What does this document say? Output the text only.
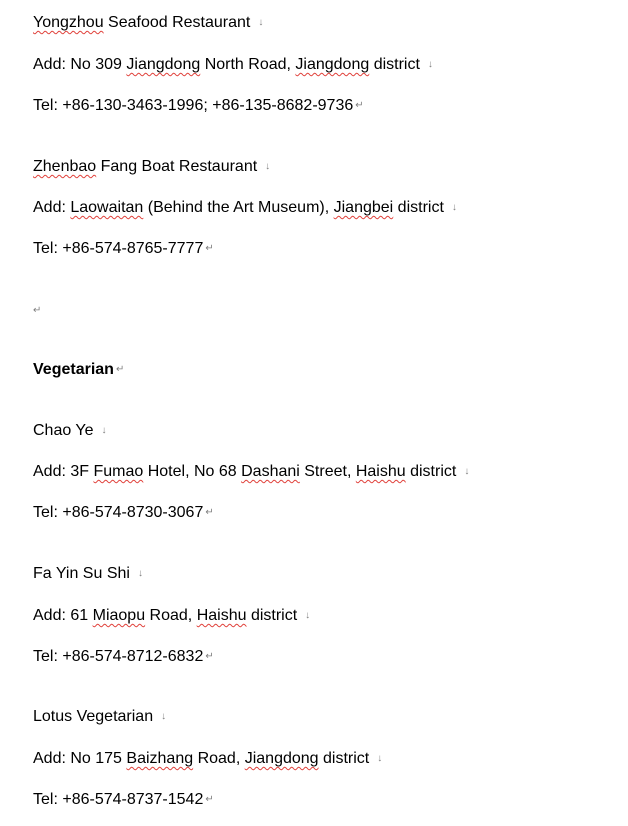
Yongzhou Seafood Restaurant ↓
Add: No 309 Jiangdong North Road, Jiangdong district ↓
Tel: +86-130-3463-1996; +86-135-8682-9736 ↵
Zhenbao Fang Boat Restaurant ↓
Add: Laowaitan (Behind the Art Museum), Jiangbei district ↓
Tel: +86-574-8765-7777 ↵
↵
Vegetarian ↵
Chao Ye ↓
Add: 3F Fumao Hotel, No 68 Dashani Street, Haishu district ↓
Tel: +86-574-8730-3067 ↵
Fa Yin Su Shi ↓
Add: 61 Miaopu Road, Haishu district ↓
Tel: +86-574-8712-6832 ↵
Lotus Vegetarian ↓
Add: No 175 Baizhang Road, Jiangdong district ↓
Tel: +86-574-8737-1542 ↵
